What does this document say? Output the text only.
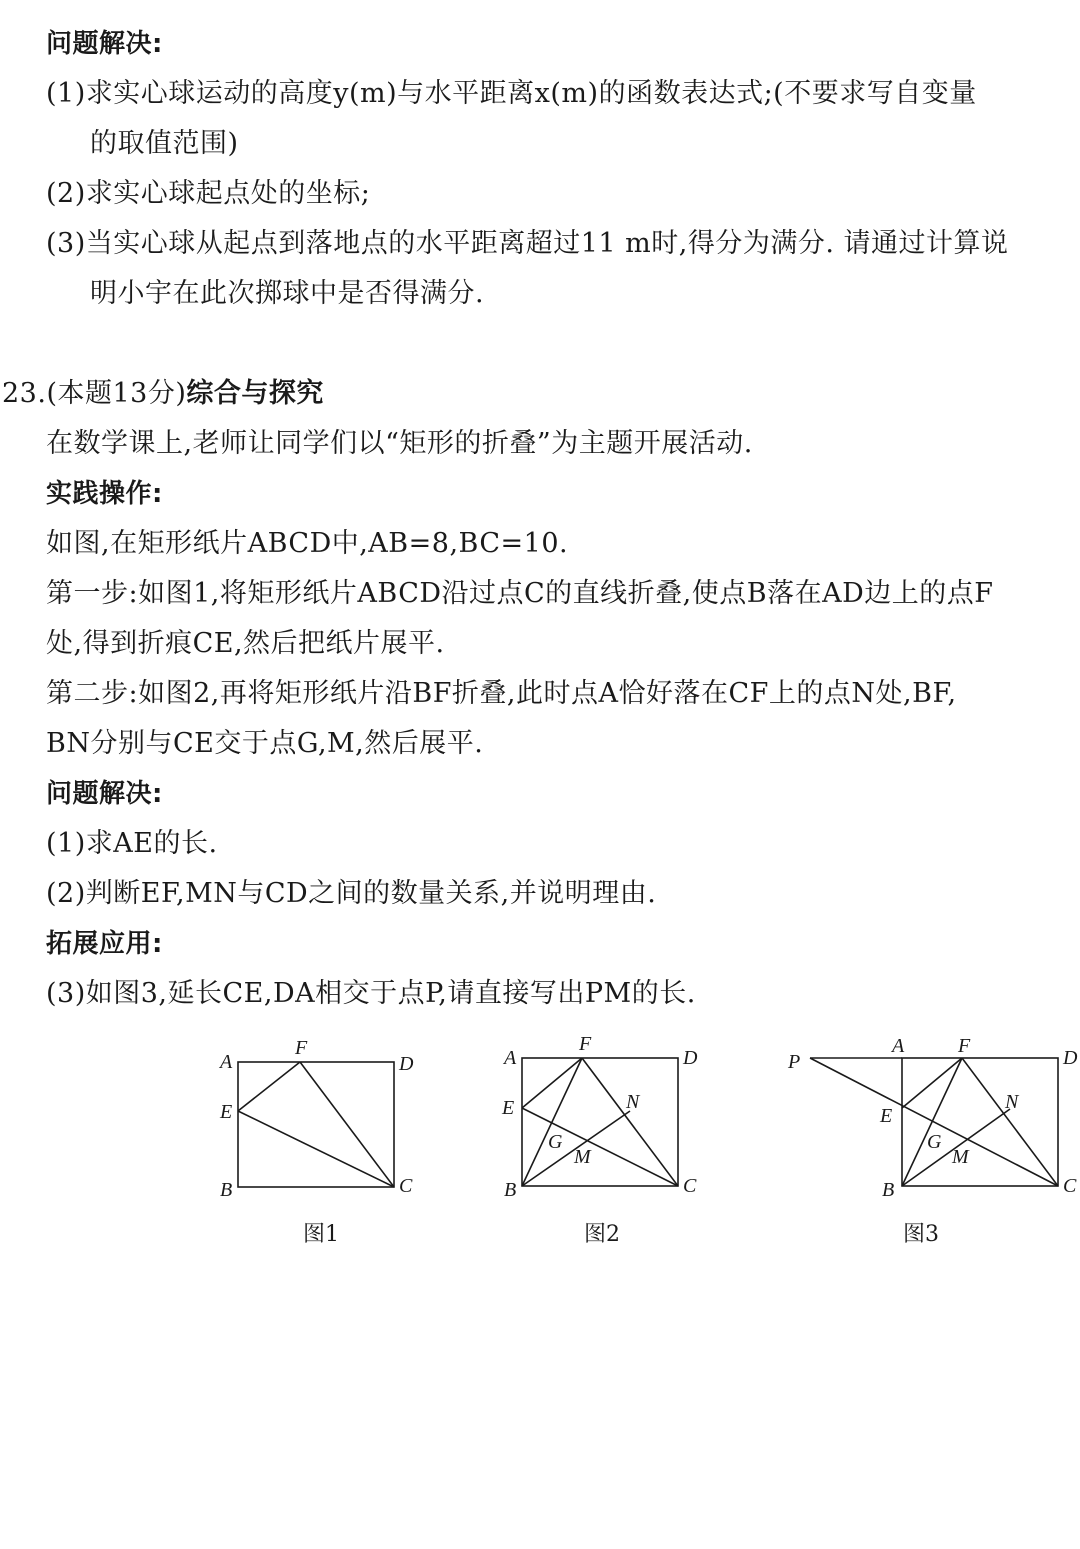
问题解决:
(1)求实心球运动的高度y(m)与水平距离x(m)的函数表达式;(不要求写自变量
的取值范围)
(2)求实心球起点处的坐标;
(3)当实心球从起点到落地点的水平距离超过11 m时,得分为满分. 请通过计算说
明小宇在此次掷球中是否得满分.
23.(本题13分)综合与探究
在数学课上,老师让同学们以“矩形的折叠”为主题开展活动.
实践操作:
如图,在矩形纸片ABCD中,AB=8,BC=10.
第一步:如图1,将矩形纸片ABCD沿过点C的直线折叠,使点B落在AD边上的点F
处,得到折痕CE,然后把纸片展平.
第二步:如图2,再将矩形纸片沿BF折叠,此时点A恰好落在CF上的点N处,BF,
BN分别与CE交于点G,M,然后展平.
问题解决:
(1)求AE的长.
(2)判断EF,MN与CD之间的数量关系,并说明理由.
拓展应用:
(3)如图3,延长CE,DA相交于点P,请直接写出PM的长.
A
F
D
E
B	C
图1
A
F
D
E	N
G
M
B	C
图2
P
A	F
D
E
N
G
M
B	C
图3
